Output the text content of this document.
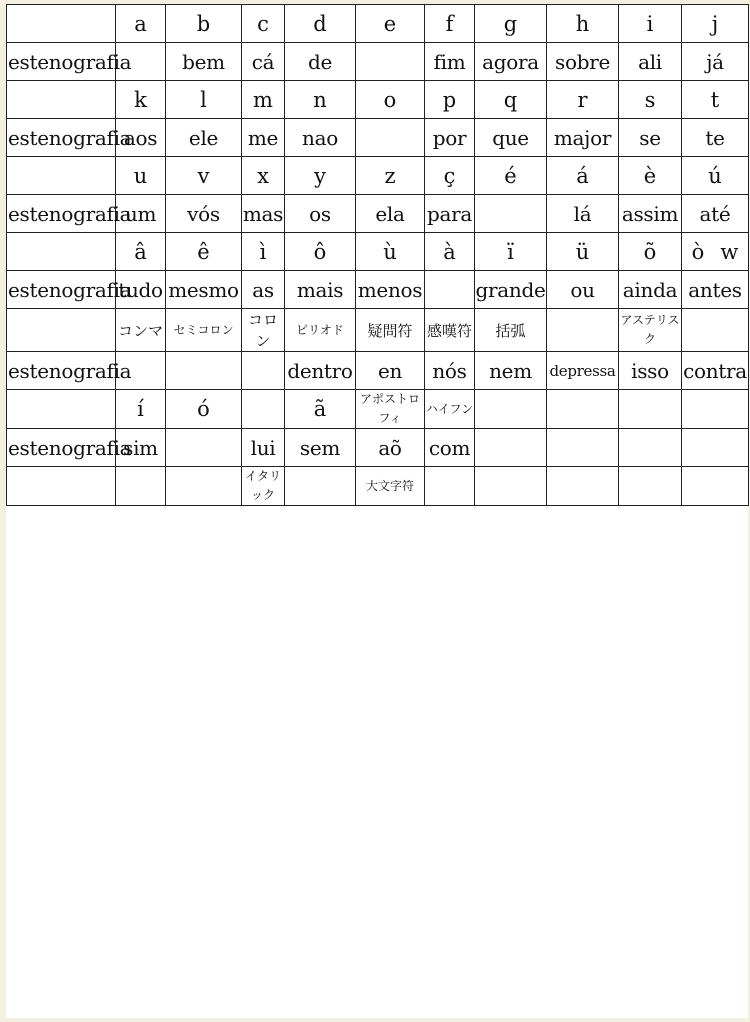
	a	b	c	d	e	f	g	h	i	j
estenografia		bem	cá	de		fim	agora	sobre	ali	já
	k	l	m	n	o	p	q	r	s	t
estenografia	aos	ele	me	nao		por	que	major	se	te
	u	v	x	y	z	ç	é	á	è	ú
estenografia	um	vós	mas	os	ela	para		lá	assim	até
	â	ê	ì	ô	ù	à	ï	ü	õ	ò w

estenografia	tudo	mesmo	as	mais	menos		grande	ou	ainda	antes
	コンマ	セミコロン	コロン	ピリオド	疑問符	感嘆符	括弧		アステリスク	
estenografia				dentro	en	nós	nem	depressa	isso	contra
	í	ó		ã	アポストロフィ	ハイフン				
estenografia	sim		lui	sem	aõ	com				
			イタリック		大文字符					
